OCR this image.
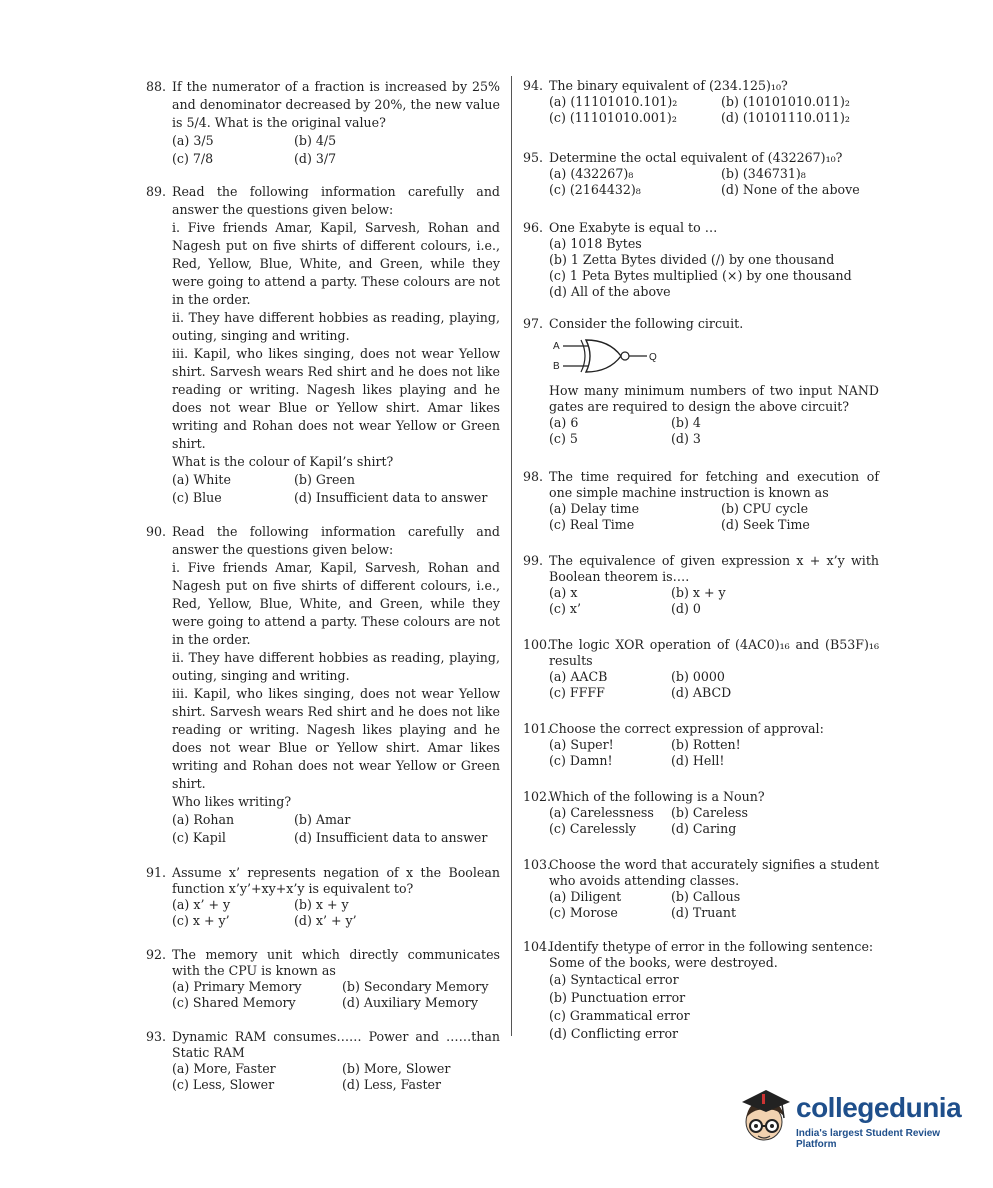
88. If the numerator of a fraction is increased by 25% and denominator decreased by 20%, the new value is 5/4. What is the original value?
(a) 3/5	(b) 4/5
(c) 7/8	(d) 3/7
89. Read the following information carefully and answer the questions given below:
i. Five friends Amar, Kapil, Sarvesh, Rohan and Nagesh put on five shirts of different colours, i.e., Red, Yellow, Blue, White, and Green, while they were going to attend a party. These colours are not in the order.
ii. They have different hobbies as reading, playing, outing, singing and writing.
iii. Kapil, who likes singing, does not wear Yellow shirt. Sarvesh wears Red shirt and he does not like reading or writing. Nagesh likes playing and he does not wear Blue or Yellow shirt. Amar likes writing and Rohan does not wear Yellow or Green shirt.
What is the colour of Kapil’s shirt?
(a) White	(b) Green
(c) Blue	(d) Insufficient data to answer
90. Read the following information carefully and answer the questions given below:
i. Five friends Amar, Kapil, Sarvesh, Rohan and Nagesh put on five shirts of different colours, i.e., Red, Yellow, Blue, White, and Green, while they were going to attend a party. These colours are not in the order.
ii. They have different hobbies as reading, playing, outing, singing and writing.
iii. Kapil, who likes singing, does not wear Yellow shirt. Sarvesh wears Red shirt and he does not like reading or writing. Nagesh likes playing and he does not wear Blue or Yellow shirt. Amar likes writing and Rohan does not wear Yellow or Green shirt.
Who likes writing?
(a) Rohan	(b) Amar
(c) Kapil	(d) Insufficient data to answer
91. Assume x’ represents negation of x the Boolean function x’y’+xy+x’y is equivalent to?
(a) x’ + y	(b) x + y
(c) x + y’	(d) x’ + y’
92. The memory unit which directly communicates with the CPU is known as
(a) Primary Memory	(b) Secondary Memory
(c) Shared Memory	(d) Auxiliary Memory
93. Dynamic RAM consumes…… Power and ……than Static RAM
(a) More, Faster	(b) More, Slower
(c) Less, Slower	(d) Less, Faster
94. The binary equivalent of (234.125)₁₀?
(a) (11101010.101)₂	(b) (10101010.011)₂
(c) (11101010.001)₂	(d) (10101110.011)₂
95. Determine the octal equivalent of (432267)₁₀?
(a) (432267)₈	(b) (346731)₈
(c) (2164432)₈	(d) None of the above
96. One Exabyte is equal to …
(a) 1018 Bytes
(b) 1 Zetta Bytes divided (/) by one thousand
(c) 1 Peta Bytes multiplied (×) by one thousand
(d) All of the above
97. Consider the following circuit.
A
B
Q
How many minimum numbers of two input NAND gates are required to design the above circuit?
(a) 6	(b) 4
(c) 5	(d) 3
98. The time required for fetching and execution of one simple machine instruction is known as
(a) Delay time	(b) CPU cycle
(c) Real Time	(d) Seek Time
99. The equivalence of given expression x + x’y with Boolean theorem is….
(a) x	(b) x + y
(c) x’	(d) 0
100.
The logic XOR operation of (4AC0)₁₆ and (B53F)₁₆ results
(a) AACB	(b) 0000
(c) FFFF	(d) ABCD
101.
Choose the correct expression of approval:
(a) Super!	(b) Rotten!
(c) Damn!	(d) Hell!
102.
Which of the following is a Noun?
(a) Carelessness	(b) Careless
(c) Carelessly	(d) Caring
103.
Choose the word that accurately signifies a student who avoids attending classes.
(a) Diligent	(b) Callous
(c) Morose	(d) Truant
104.
Identify thetype of error in the following sentence:
Some of the books, were destroyed.
(a) Syntactical error
(b) Punctuation error
(c) Grammatical error
(d) Conflicting error
collegedunia
India's largest Student Review Platform
